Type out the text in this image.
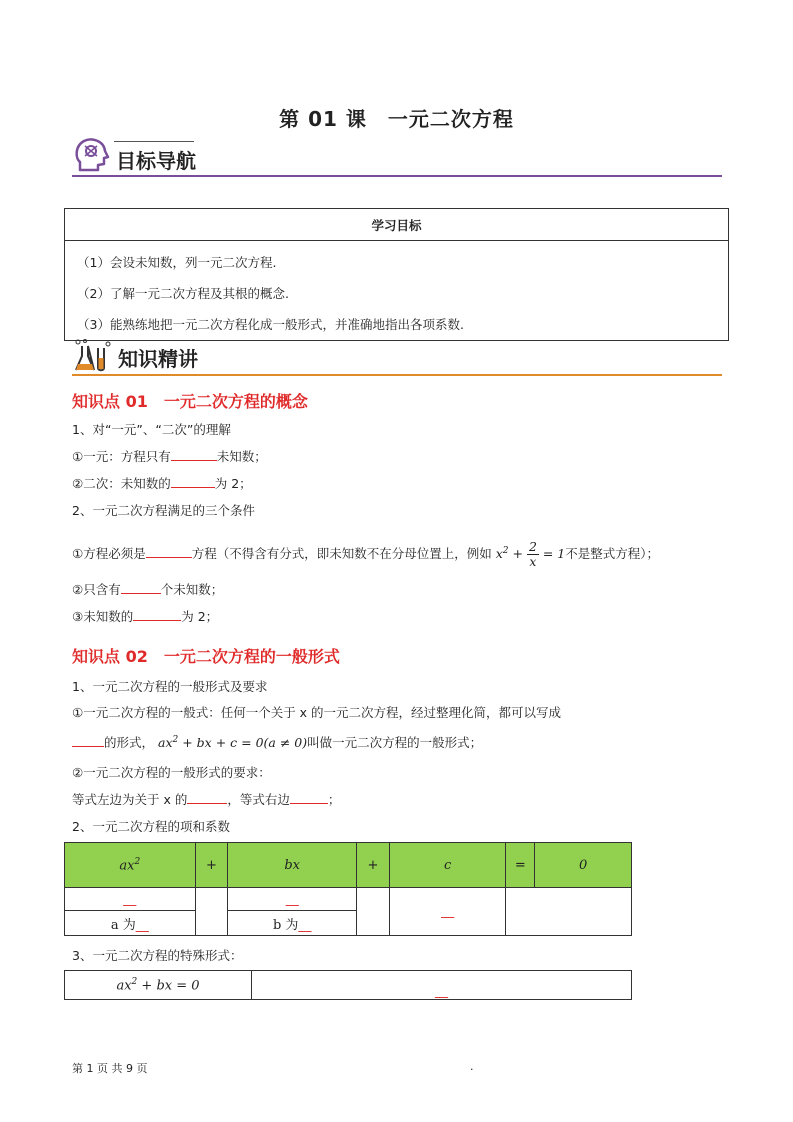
第 01 课　一元二次方程
目标导航
学习目标

（1）会设未知数，列一元二次方程.
（2）了解一元二次方程及其根的概念.
（3）能熟练地把一元二次方程化成一般形式，并准确地指出各项系数.
知识精讲
知识点 01　一元二次方程的概念
1、对“一元”、“二次”的理解
①一元：方程只有	未知数；
②二次：未知数的	为 2；
2、一元二次方程满足的三个条件
①方程必须是	方程（不得含有分式，即未知数不在分母位置上，例如 $x^2 + \frac{2}{x} = 1$不是整式方程）；
②只含有	个未知数；
③未知数的	为 2；
知识点 02　一元二次方程的一般形式
1、一元二次方程的一般形式及要求
①一元二次方程的一般式：任何一个关于 x 的一元二次方程，经过整理化简，都可以写成
的形式， $ax^2$ + bx + c = 0(a ≠ 0)叫做一元二次方程的一般形式；
②一元二次方程的一般形式的要求：
等式左边为关于 x 的	，等式右边	；
2、一元二次方程的项和系数
$ax^2$	+	bx	+	c	=	0
__		__		__		
a 为__		b 为__				
3、一元二次方程的特殊形式：
$ax^2$ + bx = 0	__
第 1 页 共 9 页	.
